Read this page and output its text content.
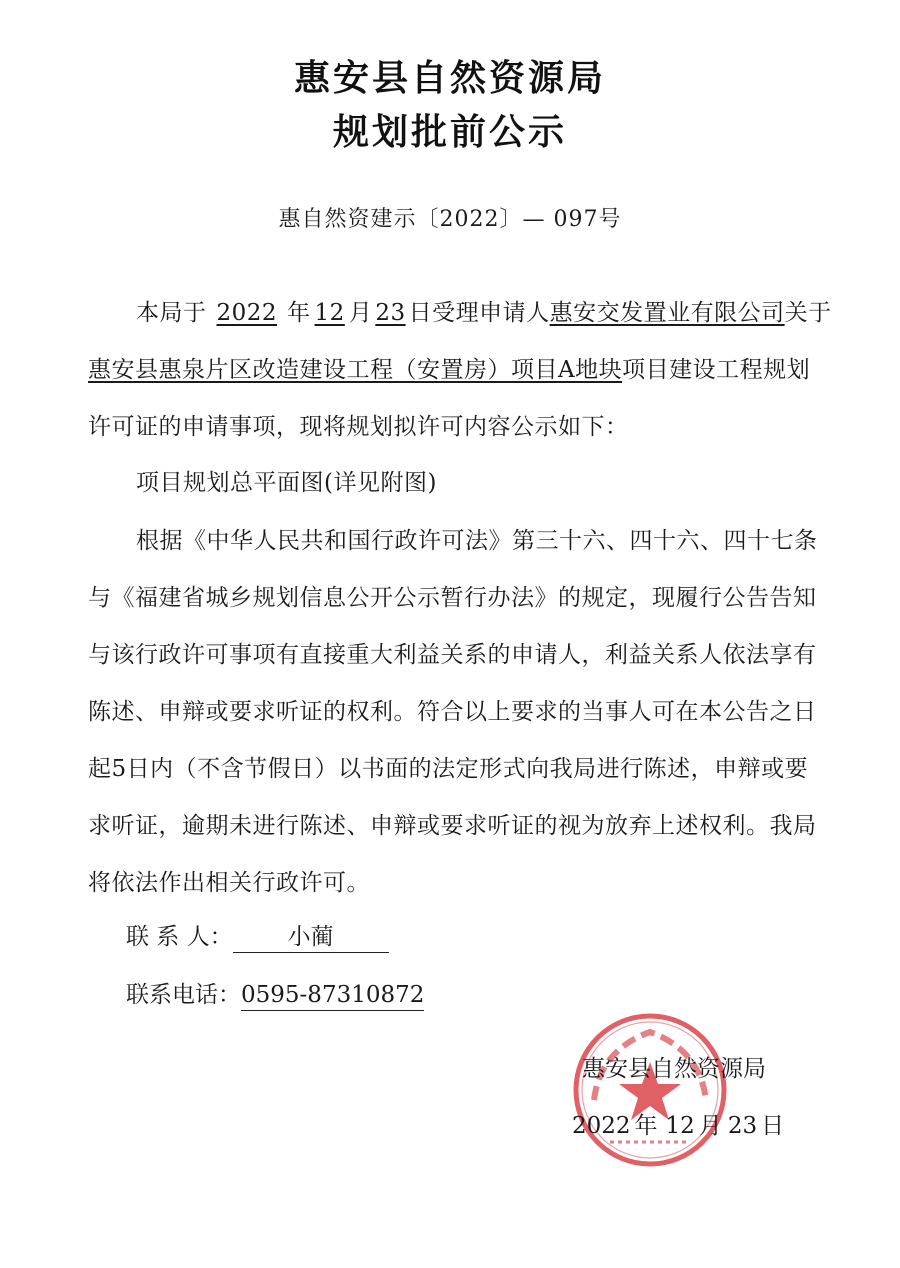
惠安县自然资源局
规划批前公示
惠自然资建示〔2022〕— 097号
本局于 2022 年 12 月 23 日受理申请人惠安交发置业有限公司关于
惠安县惠泉片区改造建设工程（安置房）项目A地块项目建设工程规划
许可证的申请事项，现将规划拟许可内容公示如下：
项目规划总平面图(详见附图)
根据《中华人民共和国行政许可法》第三十六、四十六、四十七条
与《福建省城乡规划信息公开公示暂行办法》的规定，现履行公告告知
与该行政许可事项有直接重大利益关系的申请人，利益关系人依法享有
陈述、申辩或要求听证的权利。符合以上要求的当事人可在本公告之日
起5日内（不含节假日）以书面的法定形式向我局进行陈述，申辩或要
求听证，逾期未进行陈述、申辩或要求听证的视为放弃上述权利。我局
将依法作出相关行政许可。
联 系 人： 小蔺
联系电话：0595-87310872
惠安县自然资源局
2022 年 12 月 23 日
